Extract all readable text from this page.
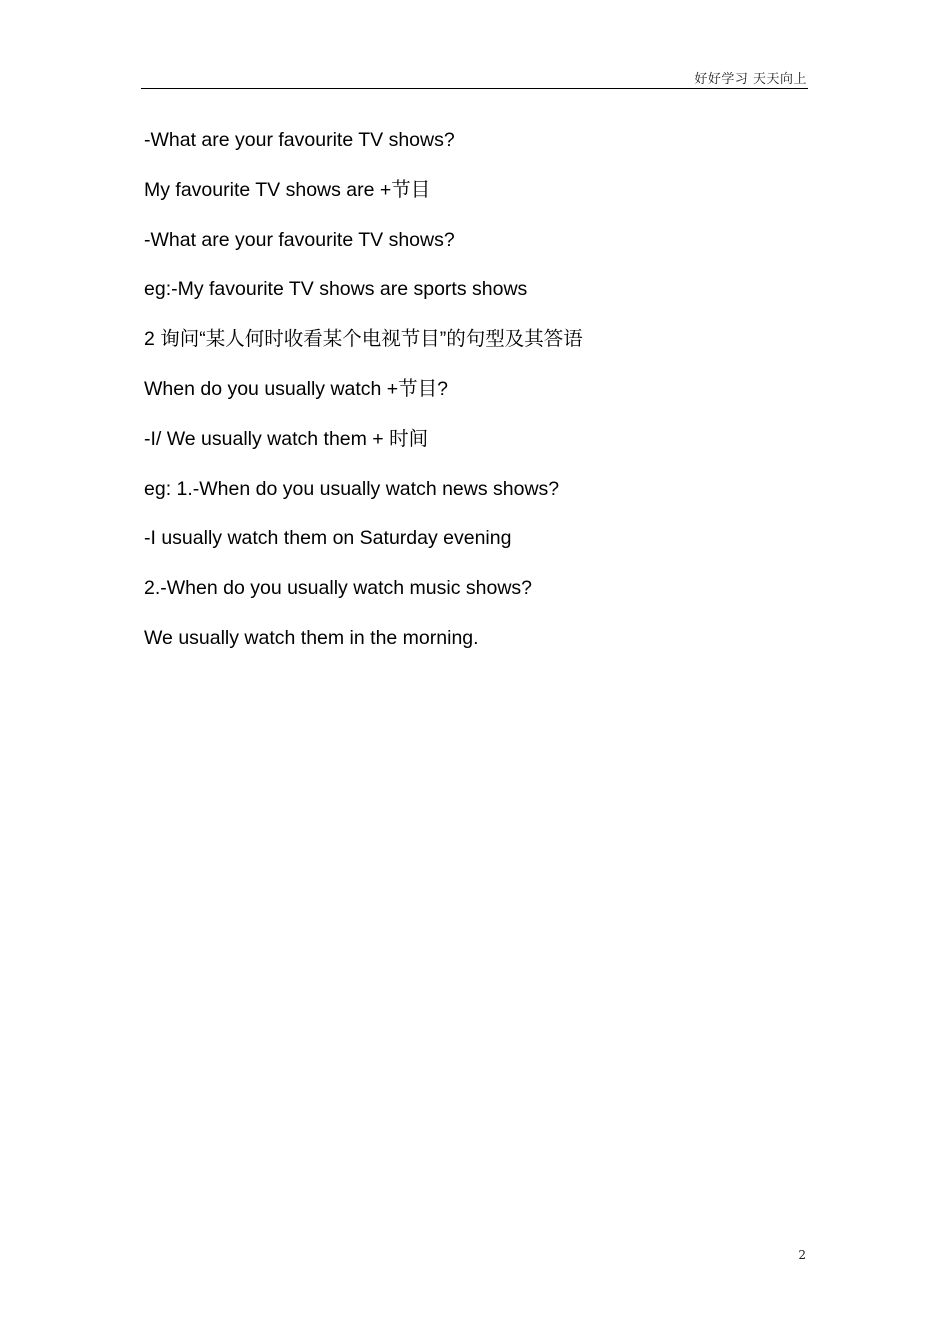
好好学习 天天向上
-What are your favourite TV shows?
My favourite TV shows are +节目
-What are your favourite TV shows?
eg:-My favourite TV shows are sports shows
2 询问“某人何时收看某个电视节目”的句型及其答语
When do you usually watch +节目?
-I/ We usually watch them + 时间
eg: 1.-When do you usually watch news shows?
-I usually watch them on Saturday evening
2.-When do you usually watch music shows?
We usually watch them in the morning.
2
